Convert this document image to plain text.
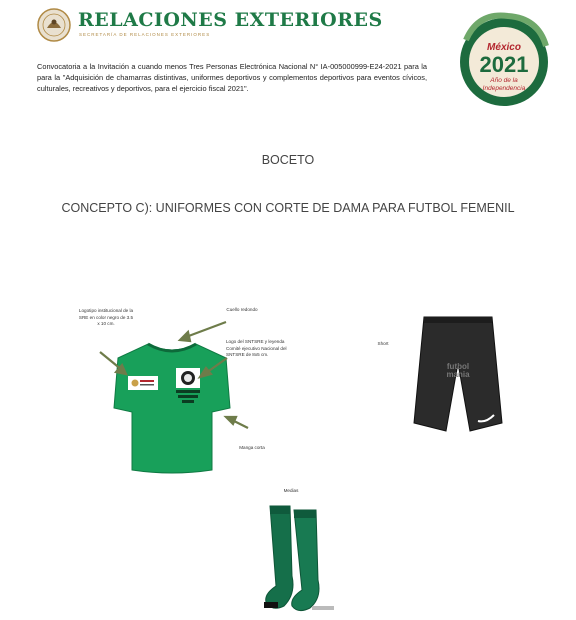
RELACIONES EXTERIORES
SECRETARÍA DE RELACIONES EXTERIORES
Convocatoria a la Invitación a cuando menos Tres Personas Electrónica Nacional N° IA-005000999-E24-2021 para la para la "Adquisición de chamarras distintivas, uniformes deportivos y complementos deportivos para eventos cívicos, culturales, recreativos y deportivos, para el ejercicio fiscal 2021".
México
2021
Año de la
Independencia
BOCETO
CONCEPTO C): UNIFORMES CON CORTE DE DAMA PARA FUTBOL FEMENIL
Logotipo institucional de la SRE en color negro de 3.5 x 10 cm.
Cuello redondo
Logo del SNTSRE y leyenda Comité ejecutivo Nacional del SNTSRE de 8x5 cm.
Manga corta
Short
Medias
futbol
mania
